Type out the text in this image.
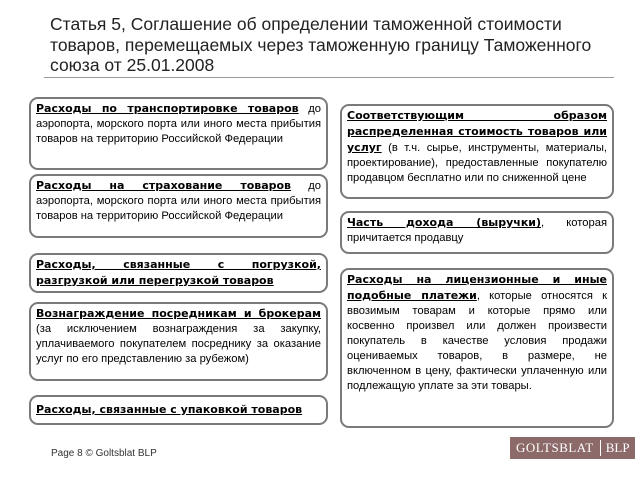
Статья 5, Соглашение об определении таможенной стоимости товаров, перемещаемых через таможенную границу Таможенного союза от 25.01.2008
Расходы по транспортировке товаров до аэропорта, морского порта или иного места прибытия товаров на территорию Российской Федерации
Расходы на страхование товаров до аэропорта, морского порта или иного места прибытия товаров на территорию Российской Федерации
Расходы, связанные с погрузкой, разгрузкой или перегрузкой товаров
Вознаграждение посредникам и брокерам (за исключением вознаграждения за закупку, уплачиваемого покупателем посреднику за оказание услуг по его представлению за рубежом)
Расходы, связанные с упаковкой товаров
Соответствующим образом распределенная стоимость товаров или услуг (в т.ч. сырье, инструменты, материалы, проектирование), предоставленные покупателю продавцом бесплатно или по сниженной цене
Часть дохода (выручки), которая причитается продавцу
Расходы на лицензионные и иные подобные платежи, которые относятся к ввозимым товарам и которые прямо или косвенно произвел или должен произвести покупатель в качестве условия продажи оцениваемых товаров, в размере, не включенном в цену, фактически уплаченную или подлежащую уплате за эти товары.
Page 8 © Goltsblat BLP	GOLTSBLAT BLP
